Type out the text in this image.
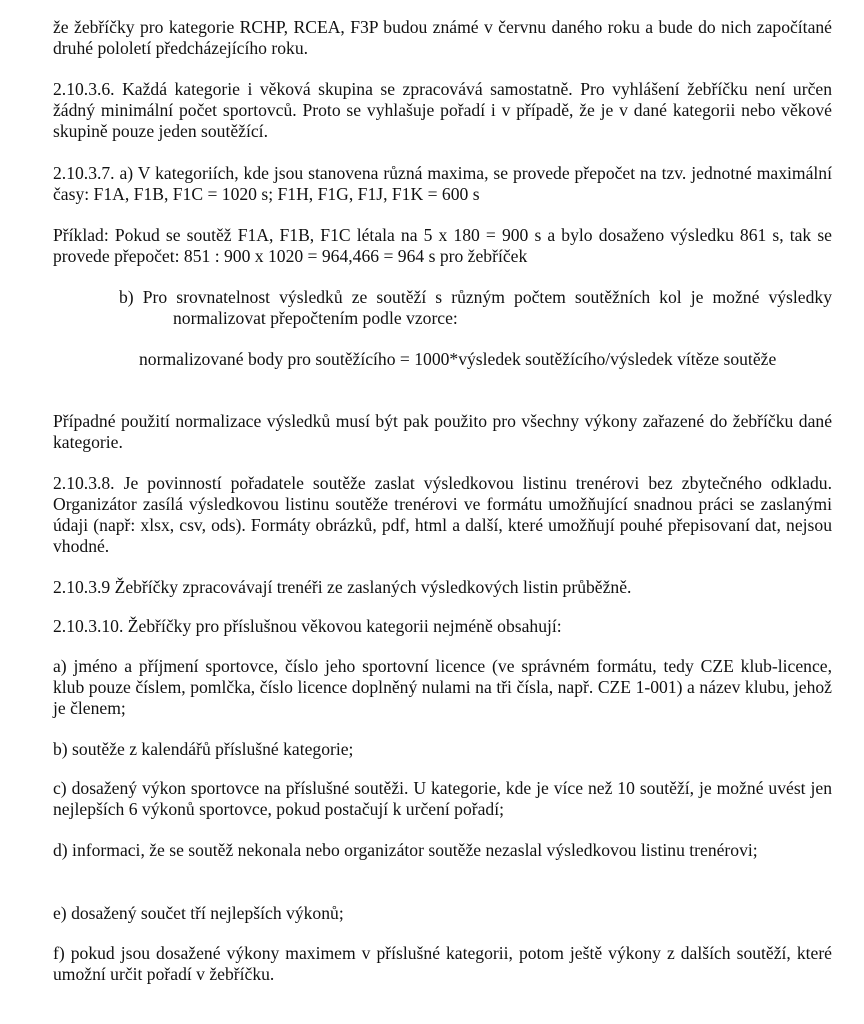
že žebříčky pro kategorie RCHP, RCEA, F3P budou známé v červnu daného roku a bude do nich započítané druhé pololetí předcházejícího roku.

2.10.3.6. Každá kategorie i věková skupina se zpracovává samostatně. Pro vyhlášení žebříčku není určen žádný minimální počet sportovců. Proto se vyhlašuje pořadí i v případě, že je v dané kategorii nebo věkové skupině pouze jeden soutěžící.

2.10.3.7. a) V kategoriích, kde jsou stanovena různá maxima, se provede přepočet na tzv. jednotné maximální časy: F1A, F1B, F1C = 1020 s; F1H, F1G, F1J, F1K = 600 s

Příklad: Pokud se soutěž F1A, F1B, F1C létala na 5 x 180 = 900 s a bylo dosaženo výsledku 861 s, tak se provede přepočet: 851 : 900 x 1020 = 964,466 = 964 s pro žebříček

b) Pro srovnatelnost výsledků ze soutěží s různým počtem soutěžních kol je možné výsledkynormalizovat přepočtením podle vzorce:

normalizované body pro soutěžícího = 1000*výsledek soutěžícího/výsledek vítěze soutěže

Případné použití normalizace výsledků musí být pak použito pro všechny výkony zařazené do žebříčku dané kategorie.

2.10.3.8. Je povinností pořadatele soutěže zaslat výsledkovou listinu trenérovi bez zbytečného odkladu. Organizátor zasílá výsledkovou listinu soutěže trenérovi ve formátu umožňující snadnou práci se zaslanými údaji (např: xlsx, csv, ods). Formáty obrázků, pdf, html a další, které umožňují pouhé přepisovaní dat, nejsou vhodné.

2.10.3.9 Žebříčky zpracovávají trenéři ze zaslaných výsledkových listin průběžně.

2.10.3.10. Žebříčky pro příslušnou věkovou kategorii nejméně obsahují:

a) jméno a příjmení sportovce, číslo jeho sportovní licence (ve správném formátu, tedy CZE klub-licence, klub pouze číslem, pomlčka, číslo licence doplněný nulami na tři čísla, např. CZE 1-001) a název klubu, jehož je členem;

b) soutěže z kalendářů příslušné kategorie;

c) dosažený výkon sportovce na příslušné soutěži. U kategorie, kde je více než 10 soutěží, je možné uvést jen nejlepších 6 výkonů sportovce, pokud postačují k určení pořadí;

d) informaci, že se soutěž nekonala nebo organizátor soutěže nezaslal výsledkovou listinu trenérovi;

e) dosažený součet tří nejlepších výkonů;

f) pokud jsou dosažené výkony maximem v příslušné kategorii, potom ještě výkony z dalších soutěží, které umožní určit pořadí v žebříčku.
